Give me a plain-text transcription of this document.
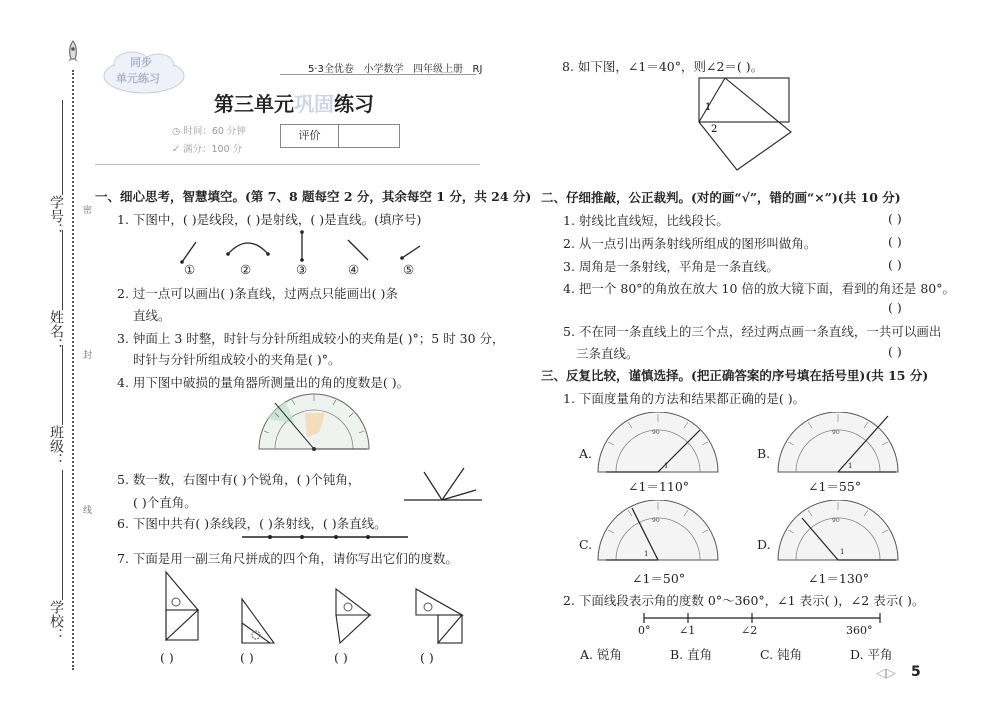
密
封
线
学号：
姓名：
班级：
学校：
同步
单元练习
5·3全优卷 小学数学 四年级上册 RJ
第三单元巩固练习
◷ 时间：60 分钟
✓ 满分：100 分
评价
一、细心思考，智慧填空。(第 7、8 题每空 2 分，其余每空 1 分，共 24 分)
1. 下图中，( )是线段，( )是射线，( )是直线。(填序号)
①	②	③	④	⑤
2. 过一点可以画出( )条直线，过两点只能画出( )条
直线。
3. 钟面上 3 时整，时针与分针所组成较小的夹角是( )°；5 时 30 分，
时针与分针所组成较小的夹角是( )°。
4. 用下图中破损的量角器所测量出的角的度数是( )。
5. 数一数，右图中有( )个锐角，( )个钝角，
( )个直角。
6. 下图中共有( )条线段，( )条射线，( )条直线。
7. 下面是用一副三角尺拼成的四个角，请你写出它们的度数。
( )	( )	( )	( )
8. 如下图，∠1＝40°，则∠2＝( )。
1
2
二、仔细推敲，公正裁判。(对的画“√”，错的画“×”)(共 10 分)
1. 射线比直线短，比线段长。	( )
2. 从一点引出两条射线所组成的图形叫做角。	( )
3. 周角是一条射线，平角是一条直线。	( )
4. 把一个 80°的角放在放大 10 倍的放大镜下面，看到的角还是 80°。
( )
5. 不在同一条直线上的三个点，经过两点画一条直线，一共可以画出
三条直线。	( )
三、反复比较，谨慎选择。(把正确答案的序号填在括号里)(共 15 分)
1. 下面度量角的方法和结果都正确的是( )。
A.
90
1
∠1＝110°
B.
90
1
∠1＝55°
C.
90
1
∠1＝50°
D.
90
1
∠1＝130°
2. 下面线段表示角的度数 0°～360°，∠1 表示( )，∠2 表示( )。
0°	∠1	∠2	360°
A. 锐角	B. 直角	C. 钝角	D. 平角
◁▷ 5
